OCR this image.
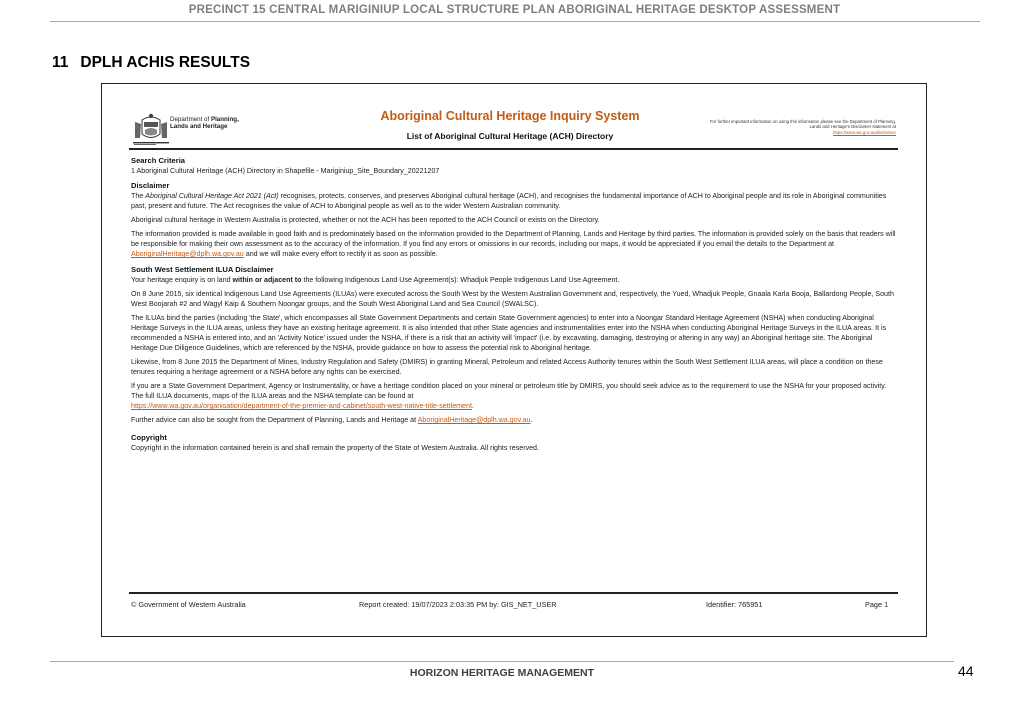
PRECINCT 15 CENTRAL MARIGINIUP LOCAL STRUCTURE PLAN ABORIGINAL HERITAGE DESKTOP ASSESSMENT
11 DPLH ACHIS RESULTS
Department of Planning,
Lands and Heritage
Aboriginal Cultural Heritage Inquiry System
List of Aboriginal Cultural Heritage (ACH) Directory
For further important information on using this information please see the Department of Planning, Lands and Heritage's Disclaimer statement at
https://www.wa.gov.au/disclaimer
Search Criteria

1 Aboriginal Cultural Heritage (ACH) Directory in Shapefile - Mariginiup_Site_Boundary_20221207

Disclaimer

The Aboriginal Cultural Heritage Act 2021 (Act) recognises, protects, conserves, and preserves Aboriginal cultural heritage (ACH), and recognises the fundamental importance of ACH to Aboriginal people and its role in Aboriginal communities past, present and future. The Act recognises the value of ACH to Aboriginal people as well as to the wider Western Australian community.

Aboriginal cultural heritage in Western Australia is protected, whether or not the ACH has been reported to the ACH Council or exists on the Directory.

The information provided is made available in good faith and is predominately based on the information provided to the Department of Planning, Lands and Heritage by third parties. The information is provided solely on the basis that readers will be responsible for making their own assessment as to the accuracy of the information. If you find any errors or omissions in our records, including our maps, it would be appreciated if you email the details to the Department at AboriginalHeritage@dplh.wa.gov.au and we will make every effort to rectify it as soon as possible.

South West Settlement ILUA Disclaimer

Your heritage enquiry is on land within or adjacent to the following Indigenous Land Use Agreement(s): Whadjuk People Indigenous Land Use Agreement.

On 8 June 2015, six identical Indigenous Land Use Agreements (ILUAs) were executed across the South West by the Western Australian Government and, respectively, the Yued, Whadjuk People, Gnaala Karla Booja, Ballardong People, South West Boojarah #2 and Wagyl Kaip & Southern Noongar groups, and the South West Aboriginal Land and Sea Council (SWALSC).

The ILUAs bind the parties (including 'the State', which encompasses all State Government Departments and certain State Government agencies) to enter into a Noongar Standard Heritage Agreement (NSHA) when conducting Aboriginal Heritage Surveys in the ILUA areas, unless they have an existing heritage agreement. It is also intended that other State agencies and instrumentalities enter into the NSHA when conducting Aboriginal Heritage Surveys in the ILUA areas. It is recommended a NSHA is entered into, and an 'Activity Notice' issued under the NSHA, if there is a risk that an activity will 'impact' (i.e. by excavating, damaging, destroying or altering in any way) an Aboriginal heritage site. The Aboriginal Heritage Due Diligence Guidelines, which are referenced by the NSHA, provide guidance on how to assess the potential risk to Aboriginal heritage.

Likewise, from 8 June 2015 the Department of Mines, Industry Regulation and Safety (DMIRS) in granting Mineral, Petroleum and related Access Authority tenures within the South West Settlement ILUA areas, will place a condition on these tenures requiring a heritage agreement or a NSHA before any rights can be exercised.

If you are a State Government Department, Agency or Instrumentality, or have a heritage condition placed on your mineral or petroleum title by DMIRS, you should seek advice as to the requirement to use the NSHA for your proposed activity. The full ILUA documents, maps of the ILUA areas and the NSHA template can be found at
https://www.wa.gov.au/organisation/department-of-the-premier-and-cabinet/south-west-native-title-settlement.

Further advice can also be sought from the Department of Planning, Lands and Heritage at AboriginalHeritage@dplh.wa.gov.au.

Copyright

Copyright in the information contained herein is and shall remain the property of the State of Western Australia. All rights reserved.

© Government of Western Australia	Report created: 19/07/2023 2:03:35 PM by: GIS_NET_USER	Identifier: 765951	Page 1
HORIZON HERITAGE MANAGEMENT	44
